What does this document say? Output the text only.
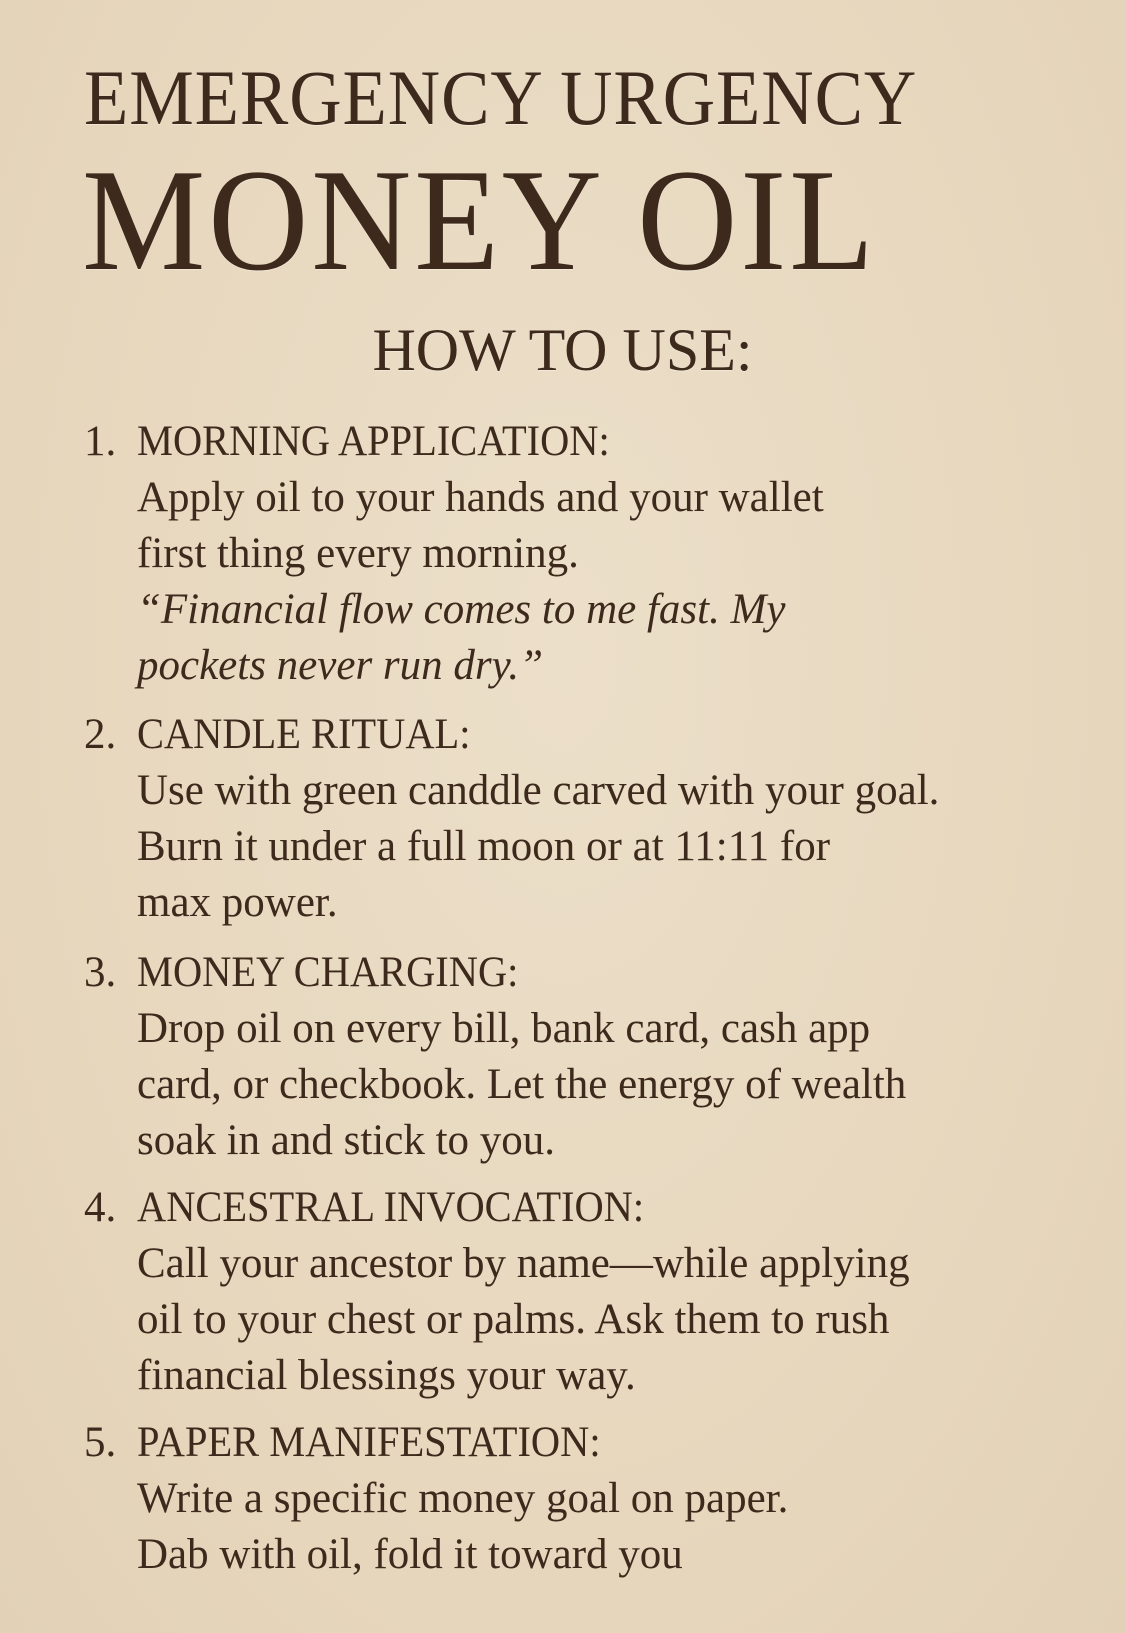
EMERGENCY URGENCY
MONEY OIL
HOW TO USE:
1. MORNING APPLICATION:
Apply oil to your hands and your wallet
first thing every morning.
“Financial flow comes to me fast. My
pockets never run dry.”
2. CANDLE RITUAL:
Use with green canddle carved with your goal.
Burn it under a full moon or at 11:11 for
max power.
3. MONEY CHARGING:
Drop oil on every bill, bank card, cash app
card, or checkbook. Let the energy of wealth
soak in and stick to you.
4. ANCESTRAL INVOCATION:
Call your ancestor by name—while applying
oil to your chest or palms. Ask them to rush
financial blessings your way.
5. PAPER MANIFESTATION:
Write a specific money goal on paper.
Dab with oil, fold it toward you
